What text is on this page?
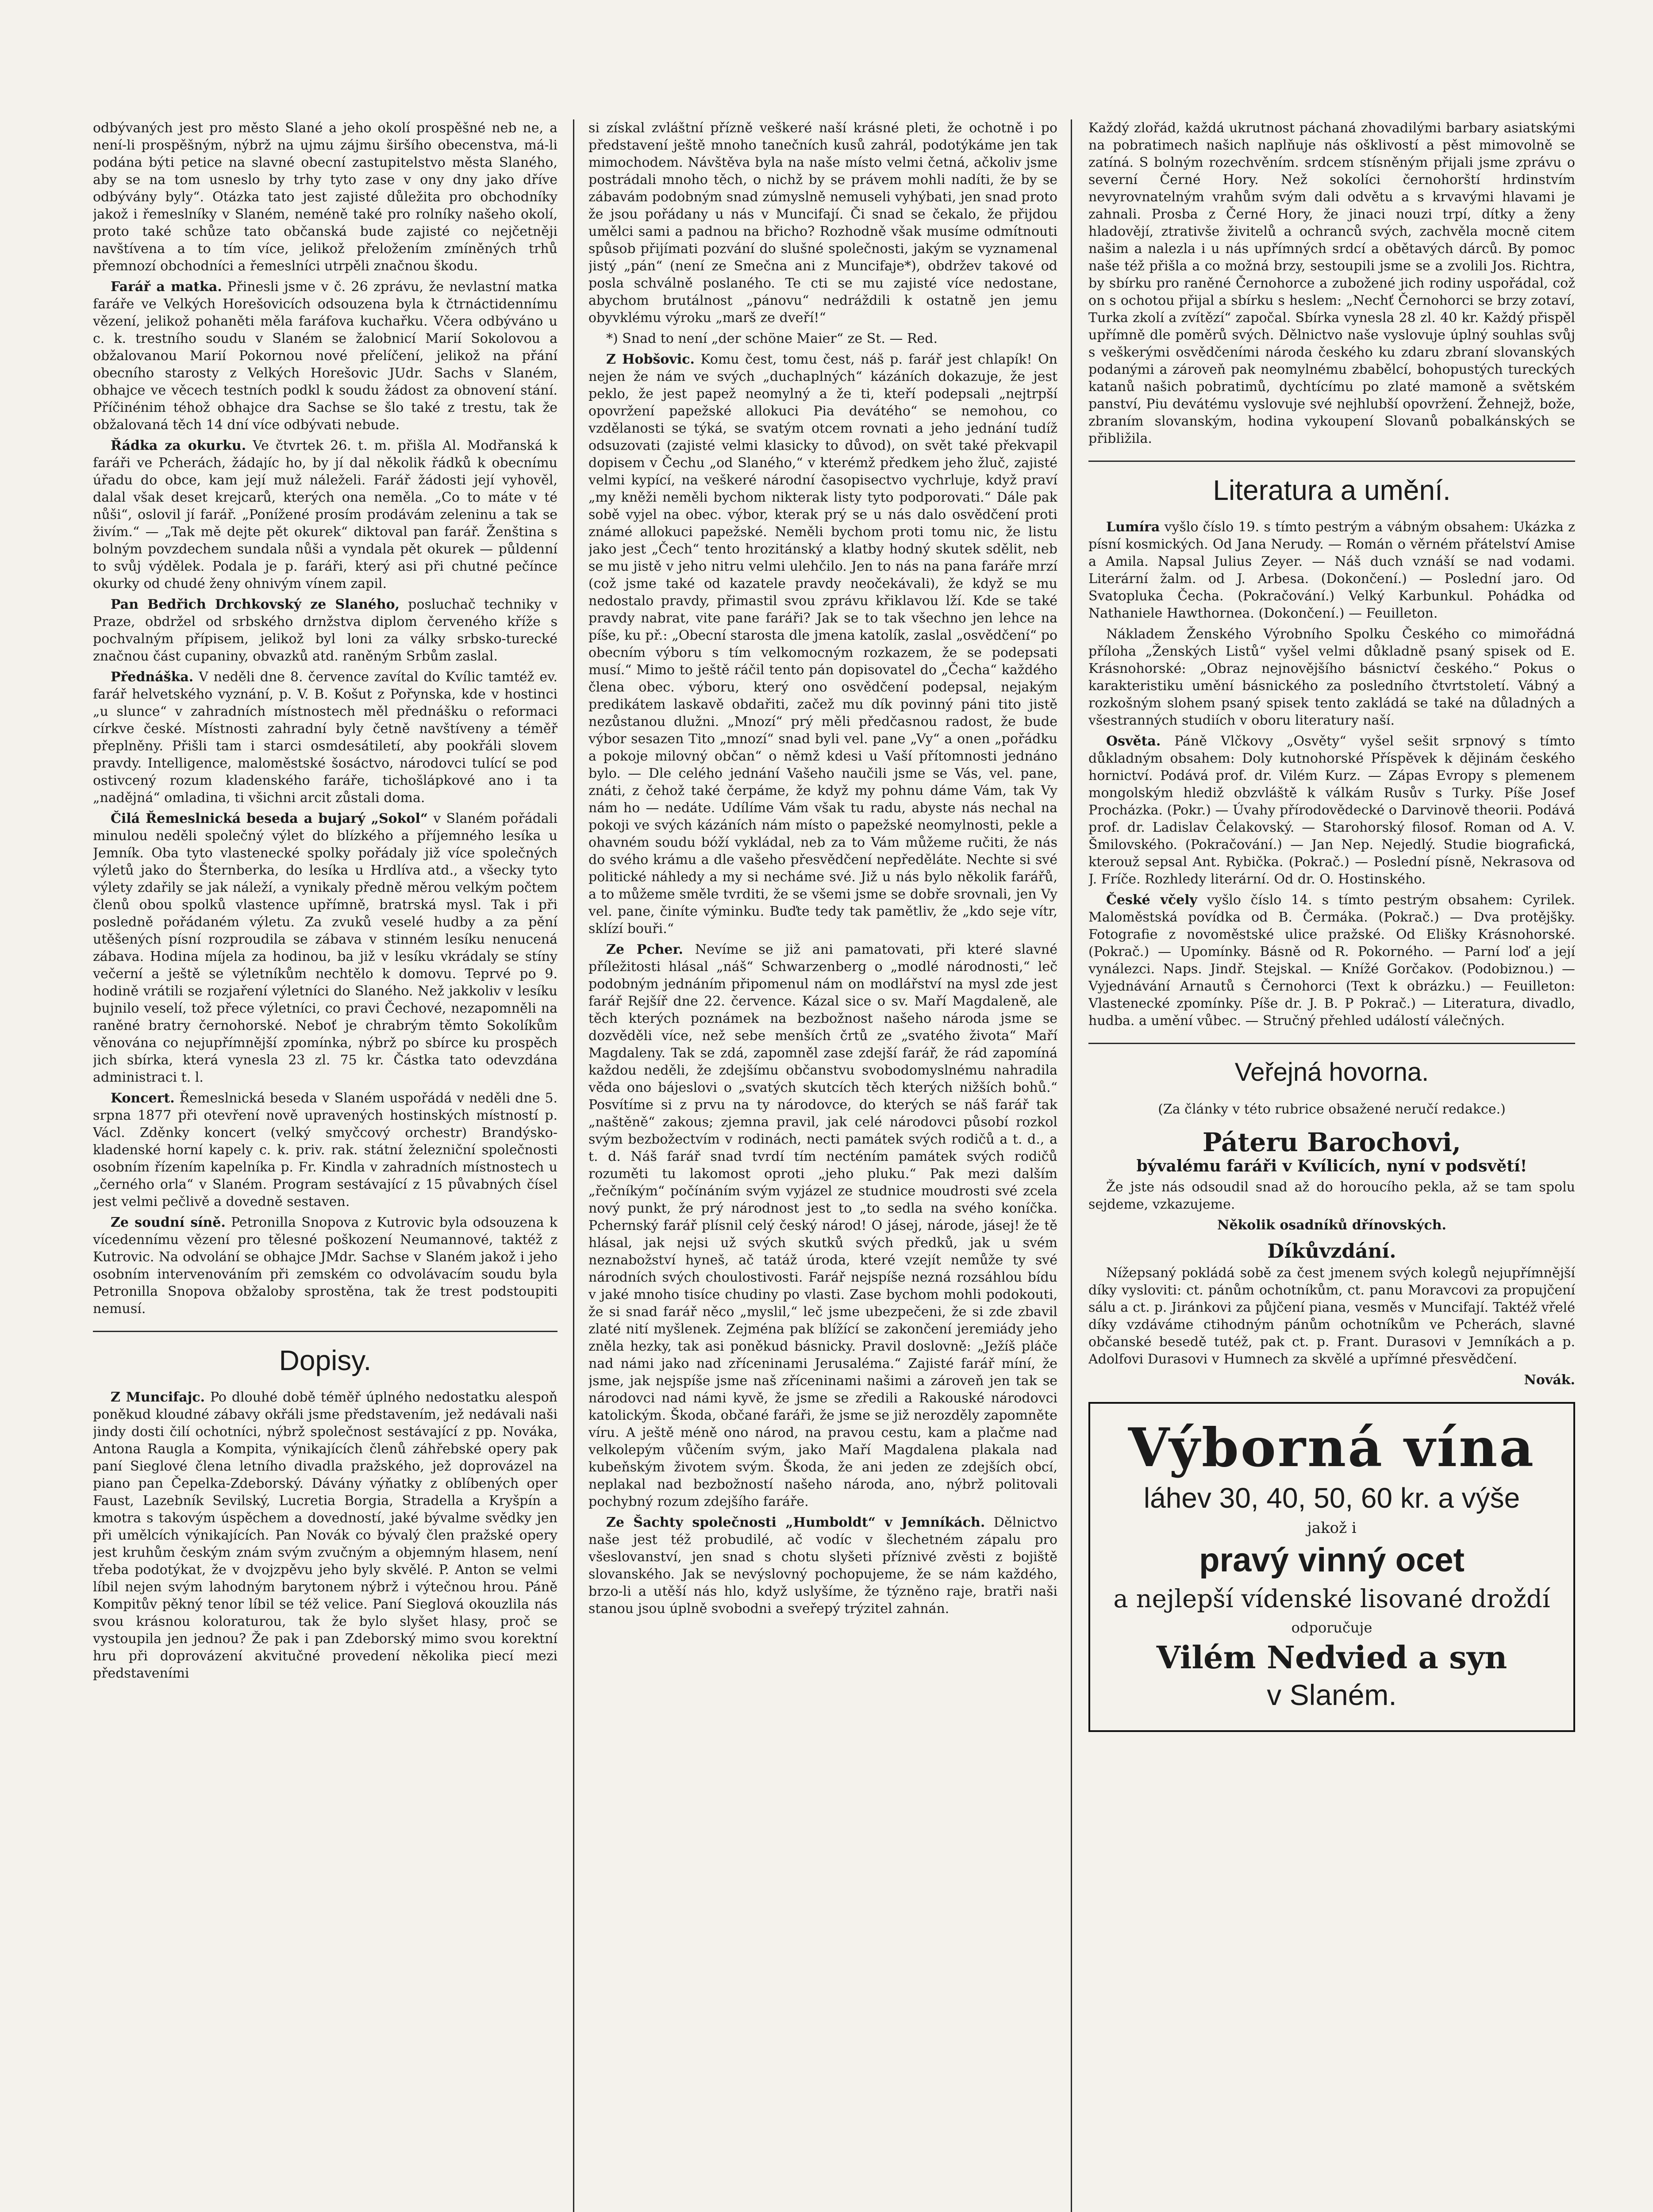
odbývaných jest pro město Slané a jeho okolí prospěšné neb ne, a není-li prospěšným, nýbrž na ujmu zájmu širšího obecenstva, má-li podána býti petice na slavné obecní zastupitelstvo města Slaného, aby se na tom usneslo by trhy tyto zase v ony dny jako dříve odbývány byly“. Otázka tato jest zajisté důležita pro obchodníky jakož i řemeslníky v Slaném, neméně také pro rolníky našeho okolí, proto také schůze tato občanská bude zajisté co nejčetněji navštívena a to tím více, jelikož přeložením zmíněných trhů přemnozí obchodníci a řemeslníci utrpěli značnou škodu.

Farář a matka. Přinesli jsme v č. 26 zprávu, že nevlastní matka faráře ve Velkých Horešovicích odsouzena byla k čtrnáctidennímu vězení, jelikož pohaněti měla faráfova kuchařku. Včera odbýváno u c. k. trestního soudu v Slaném se žalobnicí Marií Sokolovou a obžalovanou Marií Pokornou nové přelíčení, jelikož na přání obecního starosty z Velkých Horešovic JUdr. Sachs v Slaném, obhajce ve věcech testních podkl k soudu žádost za obnovení stání. Příčinénim téhož obhajce dra Sachse se šlo také z trestu, tak že obžalovaná těch 14 dní více odbývati nebude.

Řádka za okurku. Ve čtvrtek 26. t. m. přišla Al. Modřanská k faráři ve Pcherách, žádajíc ho, by jí dal několik řádků k obecnímu úřadu do obce, kam její muž náleželi. Farář žádosti její vyhověl, dalal však deset krejcarů, kterých ona neměla. „Co to máte v té nůši“, oslovil jí farář. „Ponížené prosím prodávám zeleninu a tak se živím.“ — „Tak mě dejte pět okurek“ diktoval pan farář. Ženština s bolným povzdechem sundala nůši a vyndala pět okurek — půldenní to svůj výdělek. Podala je p. faráři, který asi při chutné pečínce okurky od chudé ženy ohnivým vínem zapil.

Pan Bedřich Drchkovský ze Slaného, posluchač techniky v Praze, obdržel od srbského drnžstva diplom červeného kříže s pochvalným přípisem, jelikož byl loni za války srbsko-turecké značnou část cupaniny, obvazků atd. raněným Srbům zaslal.

Přednáška. V neděli dne 8. července zavítal do Kvílic tamtéž ev. farář helvetského vyznání, p. V. B. Košut z Pořynska, kde v hostinci „u slunce“ v zahradních místnostech měl přednášku o reformaci církve české. Místnosti zahradní byly četně navštíveny a téměř přeplněny. Přišli tam i starci osmdesátiletí, aby pookřáli slovem pravdy. Intelligence, maloměstské šosáctvo, národovci tulící se pod ostivcený rozum kladenského faráře, tichošlápkové ano i ta „nadějná“ omladina, ti všichni arcit zůstali doma.

Čilá Řemeslnická beseda a bujarý „Sokol“ v Slaném pořádali minulou neděli společný výlet do blízkého a příjemného lesíka u Jemník. Oba tyto vlastenecké spolky pořádaly již více společných výletů jako do Šternberka, do lesíka u Hrdlíva atd., a všecky tyto výlety zdařily se jak náleží, a vynikaly předně měrou velkým počtem členů obou spolků vlastence upřímně, bratrská mysl. Tak i při posledně pořádaném výletu. Za zvuků veselé hudby a za pění utěšených písní rozproudila se zábava v stinném lesíku nenucená zábava. Hodina míjela za hodinou, ba již v lesíku vkrádaly se stíny večerní a ještě se výletníkům nechtělo k domovu. Teprvé po 9. hodině vrátili se rozjaření výletníci do Slaného. Než jakkoliv v lesíku bujnilo veselí, tož přece výletníci, co pravi Čechové, nezapomněli na raněné bratry černohorské. Neboť je chrabrým těmto Sokolíkům věnována co nejupřímnější zpomínka, nýbrž po sbírce ku prospěch jich sbírka, která vynesla 23 zl. 75 kr. Částka tato odevzdána administraci t. l.

Koncert. Řemeslnická beseda v Slaném uspořádá v neděli dne 5. srpna 1877 při otevření nově upravených hostinských místností p. Václ. Zděnky koncert (velký smyčcový orchestr) Brandýsko-kladenské horní kapely c. k. priv. rak. státní železniční společnosti osobním řízením kapelníka p. Fr. Kindla v zahradních místnostech u „černého orla“ v Slaném. Program sestávající z 15 půvabných čísel jest velmi pečlivě a dovedně sestaven.

Ze soudní síně. Petronilla Snopova z Kutrovic byla odsouzena k vícedennímu vězení pro tělesné poškození Neumannové, taktéž z Kutrovic. Na odvolání se obhajce JMdr. Sachse v Slaném jakož i jeho osobním intervenováním při zemském co odvolávacím soudu byla Petronilla Snopova obžaloby sprostěna, tak že trest podstoupiti nemusí.

Dopisy.

Z Muncifajc. Po dlouhé době téměř úplného nedostatku alespoň poněkud kloudné zábavy okřáli jsme představením, jež nedávali naši jindy dosti čilí ochotníci, nýbrž společnost sestávající z pp. Nováka, Antona Raugla a Kompita, výnikajících členů záhřebské opery pak paní Sieglové člena letního divadla pražského, jež doprovázel na piano pan Čepelka-Zdeborský. Dávány výňatky z oblíbených oper Faust, Lazebník Sevilský, Lucretia Borgia, Stradella a Kryšpín a kmotra s takovým úspěchem a dovedností, jaké bývalme svědky jen při umělcích výnikajících. Pan Novák co bývalý člen pražské opery jest kruhům českým znám svým zvučným a objemným hlasem, není třeba podotýkat, že v dvojzpěvu jeho byly skvělé. P. Anton se velmi líbil nejen svým lahodným barytonem nýbrž i výtečnou hrou. Páně Kompitův pěkný tenor líbil se též velice. Paní Sieglová okouzlila nás svou krásnou koloraturou, tak že bylo slyšet hlasy, proč se vystoupila jen jednou? Že pak i pan Zdeborský mimo svou korektní hru při doprovázení akvitučné provedení několika piecí mezi představeními

si získal zvláštní přízně veškeré naší krásné pleti, že ochotně i po představení ještě mnoho tanečních kusů zahrál, podotýkáme jen tak mimochodem. Návštěva byla na naše místo velmi četná, ačkoliv jsme postrádali mnoho těch, o nichž by se právem mohli nadíti, že by se zábavám podobným snad zúmyslně nemuseli vyhýbati, jen snad proto že jsou pořádany u nás v Muncifají. Či snad se čekalo, že přijdou umělci sami a padnou na břicho? Rozhodně však musíme odmítnouti spůsob přijímati pozvání do slušné společnosti, jakým se vyznamenal jistý „pán“ (není ze Smečna ani z Muncifaje*), obdržev takové od posla schválně poslaného. Te cti se mu zajisté více nedostane, abychom brutálnost „pánovu“ nedráždili k ostatně jen jemu obyvklému výroku „marš ze dveří!“

*) Snad to není „der schöne Maier“ ze St. — Red.

Z Hobšovic. Komu čest, tomu čest, náš p. farář jest chlapík! On nejen že nám ve svých „duchaplných“ kázáních dokazuje, že jest peklo, že jest papež neomylný a že ti, kteří podepsali „nejtrpší opovržení papežské allokuci Pia devátého“ se nemohou, co vzdělanosti se týká, se svatým otcem rovnati a jeho jednání tudíž odsuzovati (zajisté velmi klasicky to důvod), on svět také překvapil dopisem v Čechu „od Slaného,“ v kterémž předkem jeho žluč, zajisté velmi kypící, na veškeré národní časopisectvo vychrluje, když praví „my kněži neměli bychom nikterak listy tyto podporovati.“ Dále pak sobě vyjel na obec. výbor, kterak prý se u nás dalo osvědčení proti známé allokuci papežské. Neměli bychom proti tomu nic, že listu jako jest „Čech“ tento hrozitánský a klatby hodný skutek sdělit, neb se mu jistě v jeho nitru velmi ulehčilo. Jen to nás na pana faráře mrzí (což jsme také od kazatele pravdy neočekávali), že když se mu nedostalo pravdy, přimastil svou zprávu křiklavou lží. Kde se také pravdy nabrat, vite pane faráři? Jak se to tak všechno jen lehce na píše, ku př.: „Obecní starosta dle jmena katolík, zaslal „osvědčení“ po obecním výboru s tím velkomocným rozkazem, že se podepsati musí.“ Mimo to ještě ráčil tento pán dopisovatel do „Čecha“ každého člena obec. výboru, který ono osvědčení podepsal, nejakým predikátem laskavě obdařiti, začež mu dík povinný páni tito jistě nezůstanou dlužni. „Mnozí“ prý měli předčasnou radost, že bude výbor sesazen Tito „mnozí“ snad byli vel. pane „Vy“ a onen „pořádku a pokoje milovný občan“ o němž kdesi u Vaší přítomnosti jednáno bylo. — Dle celého jednání Vašeho naučili jsme se Vás, vel. pane, znáti, z čehož také čerpáme, že když my pohnu dáme Vám, tak Vy nám ho — nedáte. Udílíme Vám však tu radu, abyste nás nechal na pokoji ve svých kázáních nám místo o papežské neomylnosti, pekle a ohavném soudu bóží vykládal, neb za to Vám můžeme ručiti, že nás do svého krámu a dle vašeho přesvědčení nepředěláte. Nechte si své politické náhledy a my si necháme své. Již u nás bylo několik farářů, a to můžeme směle tvrditi, že se všemi jsme se dobře srovnali, jen Vy vel. pane, činíte výminku. Buďte tedy tak pamětliv, že „kdo seje vítr, sklízí bouři.“

Ze Pcher. Nevíme se již ani pamatovati, při které slavné příležitosti hlásal „náš“ Schwarzenberg o „modlé národnosti,“ leč podobným jednáním připomenul nám on modlářství na mysl zde jest farář Rejšíř dne 22. července. Kázal sice o sv. Maří Magdaleně, ale těch kterých poznámek na bezbožnost našeho národa jsme se dozvěděli více, než sebe menších črtů ze „svatého života“ Maří Magdaleny. Tak se zdá, zapomněl zase zdejší farář, že rád zapomíná každou neděli, že zdejšímu občanstvu svobodomyslnému nahradila věda ono bájeslovi o „svatých skutcích těch kterých nižších bohů.“ Posvítíme si z prvu na ty národovce, do kterých se náš farář tak „naštěně“ zakous; zjemna pravil, jak celé národovci působí rozkol svým bezbožectvím v rodinách, necti památek svých rodičů a t. d., a t. d. Náš farář snad tvrdí tím necténím památek svých rodičů rozuměti tu lakomost oproti „jeho pluku.“ Pak mezi dalším „řečníkým“ počínáním svým vyjázel ze studnice moudrosti své zcela nový punkt, že prý národnost jest to „to sedla na svého koníčka. Pchernský farář plísnil celý český národ! O jásej, národe, jásej! že tě hlásal, jak nejsi už svých skutků svých předků, jak u svém neznabožství hyneš, ač tatáž úroda, které vzejít nemůže ty své národních svých choulostivosti. Farář nejspíše nezná rozsáhlou bídu v jaké mnoho tisíce chudiny po vlasti. Zase bychom mohli podokouti, že si snad farář něco „myslil,“ leč jsme ubezpečeni, že si zde zbavil zlaté nití myšlenek. Zejména pak blížící se zakončení jeremiády jeho zněla hezky, tak asi poněkud básnicky. Pravil doslovně: „Ježíš pláče nad námi jako nad zříceninami Jerusaléma.“ Zajisté farář míní, že jsme, jak nejspíše jsme naš zříceninami našimi a zároveň jen tak se národovci nad námi kyvě, že jsme se zředili a Rakouské národovci katolickým. Škoda, občané faráři, že jsme se již nerozděly zapomněte víru. A ještě méně ono národ, na pravou cestu, kam a plačme nad velkolepým vůčením svým, jako Maří Magdalena plakala nad kubeňským životem svým. Škoda, že ani jeden ze zdejších obcí, neplakal nad bezbožností našeho národa, ano, nýbrž politovali pochybný rozum zdejšího faráře.

Ze Šachty společnosti „Humboldt“ v Jemníkách. Dělnictvo naše jest též probudilé, ač vodíc v šlechetném zápalu pro všeslovanství, jen snad s chotu slyšeti příznivé zvěsti z bojiště slovanského. Jak se nevýslovný pochopujeme, že se nám každého, brzo-li a utěší nás hlo, když uslyšíme, že týzněno raje, bratři naši stanou jsou úplně svobodni a sveřepý trýzitel zahnán.

Každý zlořád, každá ukrutnost páchaná zhovadilými barbary asiatskými na pobratimech našich naplňuje nás ošklivostí a pěst mimovolně se zatíná. S bolným rozechvěním. srdcem stísněným přijali jsme zprávu o severní Černé Hory. Než sokolíci černohorští hrdinstvím nevyrovnatelným vrahům svým dali odvětu a s krvavými hlavami je zahnali. Prosba z Černé Hory, že jinaci nouzi trpí, dítky a ženy hladovějí, ztrativše živitelů a ochranců svých, zachvěla mocně citem našim a nalezla i u nás upřímných srdcí a obětavých dárců. By pomoc naše též přišla a co možná brzy, sestoupili jsme se a zvolili Jos. Richtra, by sbírku pro raněné Černohorce a zubožené jich rodiny uspořádal, což on s ochotou přijal a sbírku s heslem: „Nechť Černohorci se brzy zotaví, Turka zkolí a zvítězí“ započal. Sbírka vynesla 28 zl. 40 kr. Každý přispěl upřímně dle poměrů svých. Dělnictvo naše vyslovuje úplný souhlas svůj s veškerými osvědčeními národa českého ku zdaru zbraní slovanských podanými a zároveň pak neomylnému zbabělcí, bohopustých tureckých katanů našich pobratimů, dychtícímu po zlaté mamoně a světském panství, Piu devátému vyslovuje své nejhlubší opovržení. Žehnejž, bože, zbraním slovanským, hodina vykoupení Slovanů pobalkánských se přibližila.

Literatura a umění.

Lumíra vyšlo číslo 19. s tímto pestrým a vábným obsahem: Ukázka z písní kosmických. Od Jana Nerudy. — Román o věrném přátelství Amise a Amila. Napsal Julius Zeyer. — Náš duch vznáší se nad vodami. Literární žalm. od J. Arbesa. (Dokončení.) — Poslední jaro. Od Svatopluka Čecha. (Pokračování.) Velký Karbunkul. Pohádka od Nathaniele Hawthornea. (Dokončení.) — Feuilleton.

Nákladem Ženského Výrobního Spolku Českého co mimořádná příloha „Ženských Listů“ vyšel velmi důkladně psaný spisek od E. Krásnohorské: „Obraz nejnovějšího básnictví českého.“ Pokus o karakteristiku umění básnického za posledního čtvrtstoletí. Vábný a rozkošným slohem psaný spisek tento zakládá se také na důladných a všestranných studiích v oboru literatury naší.

Osvěta. Páně Vlčkovy „Osvěty“ vyšel sešit srpnový s tímto důkladným obsahem: Doly kutnohorské Příspěvek k dějinám českého hornictví. Podává prof. dr. Vilém Kurz. — Zápas Evropy s plemenem mongolským hlediž obzvláště k válkám Rusův s Turky. Píše Josef Procházka. (Pokr.) — Úvahy přírodovědecké o Darvinově theorii. Podává prof. dr. Ladislav Čelakovský. — Starohorský filosof. Roman od A. V. Šmilovského. (Pokračování.) — Jan Nep. Nejedlý. Studie biografická, kterouž sepsal Ant. Rybička. (Pokrač.) — Poslední písně, Nekrasova od J. Fríče. Rozhledy literární. Od dr. O. Hostinského.

České včely vyšlo číslo 14. s tímto pestrým obsahem: Cyrilek. Maloměstská povídka od B. Čermáka. (Pokrač.) — Dva protějšky. Fotografie z novoměstské ulice pražské. Od Elišky Krásnohorské. (Pokrač.) — Upomínky. Básně od R. Pokorného. — Parní loď a její vynálezci. Naps. Jindř. Stejskal. — Knížé Gorčakov. (Podobiznou.) — Vyjednávání Arnautů s Černohorci (Text k obrázku.) — Feuilleton: Vlastenecké zpomínky. Píše dr. J. B. P Pokrač.) — Literatura, divadlo, hudba. a umění vůbec. — Stručný přehled událostí válečných.

Veřejná hovorna.
(Za články v této rubrice obsažené neručí redakce.)
Páteru Barochovi,
bývalému faráři v Kvílicích, nyní v podsvětí!

Že jste nás odsoudil snad až do horoucího pekla, až se tam spolu sejdeme, vzkazujeme.

Několik osadníků dřínovských.

Díkůvzdání.

Nížepsaný pokládá sobě za čest jmenem svých kolegů nejupřímnější díky vysloviti: ct. pánům ochotníkům, ct. panu Moravcovi za propujčení sálu a ct. p. Jiránkovi za půjčení piana, vesměs v Muncifají. Taktéž vřelé díky vzdáváme ctihodným pánům ochotníkům ve Pcherách, slavné občanské besedě tutéž, pak ct. p. Frant. Durasovi v Jemníkách a p. Adolfovi Durasovi v Humnech za skvělé a upřímné přesvědčení.

Novák.
Výborná vína
láhev 30, 40, 50, 60 kr. a výše
jakož i
pravý vinný ocet
a nejlepší vídenské lisované droždí
odporučuje
Vilém Nedvied a syn
v Slaném.
